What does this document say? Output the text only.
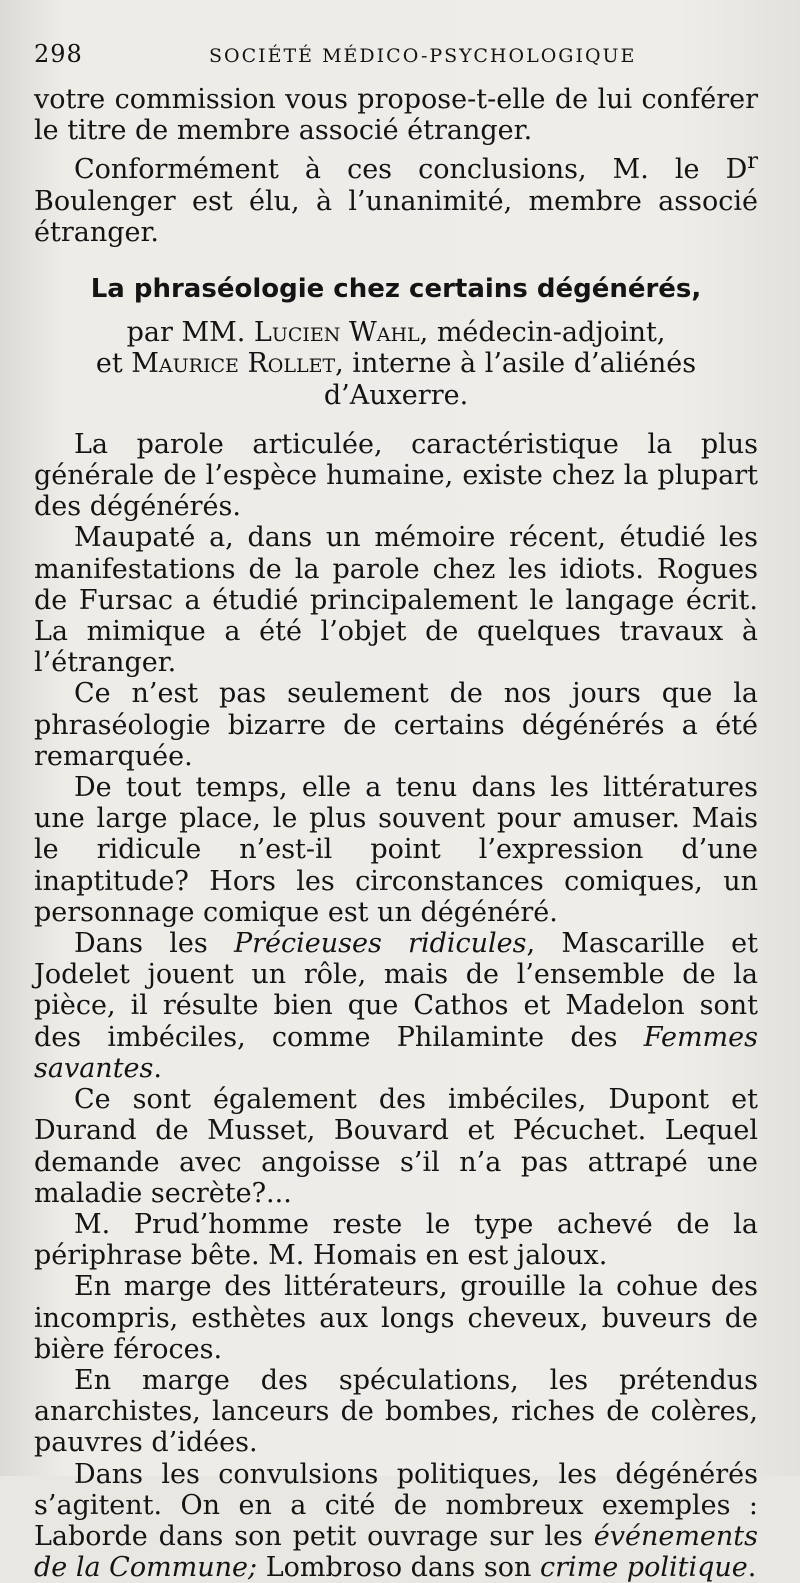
298	SOCIÉTÉ MÉDICO-PSYCHOLOGIQUE

votre commission vous propose-t-elle de lui conférer le titre de membre associé étranger.

Conformément à ces conclusions, M. le $D^r$ Boulenger est élu, à l’unanimité, membre associé étranger.

La phraséologie chez certains dégénérés,

par MM. Lucien Wahl, médecin-adjoint,
et Maurice Rollet, interne à l’asile d’aliénés d’Auxerre.

La parole articulée, caractéristique la plus générale de l’espèce humaine, existe chez la plupart des dégénérés.

Maupaté a, dans un mémoire récent, étudié les manifestations de la parole chez les idiots. Rogues de Fursac a étudié principalement le langage écrit. La mimique a été l’objet de quelques travaux à l’étranger.

Ce n’est pas seulement de nos jours que la phraséologie bizarre de certains dégénérés a été remarquée.

De tout temps, elle a tenu dans les littératures une large place, le plus souvent pour amuser. Mais le ridicule n’est-il point l’expression d’une inaptitude? Hors les circonstances comiques, un personnage comique est un dégénéré.

Dans les Précieuses ridicules, Mascarille et Jodelet jouent un rôle, mais de l’ensemble de la pièce, il résulte bien que Cathos et Madelon sont des imbéciles, comme Philaminte des Femmes savantes.

Ce sont également des imbéciles, Dupont et Durand de Musset, Bouvard et Pécuchet. Lequel demande avec angoisse s’il n’a pas attrapé une maladie secrète?...

M. Prud’homme reste le type achevé de la périphrase bête. M. Homais en est jaloux.

En marge des littérateurs, grouille la cohue des incompris, esthètes aux longs cheveux, buveurs de bière féroces.

En marge des spéculations, les prétendus anarchistes, lanceurs de bombes, riches de colères, pauvres d’idées.

Dans les convulsions politiques, les dégénérés s’agitent. On en a cité de nombreux exemples : Laborde dans son petit ouvrage sur les événements de la Commune; Lombroso dans son crime politique.
